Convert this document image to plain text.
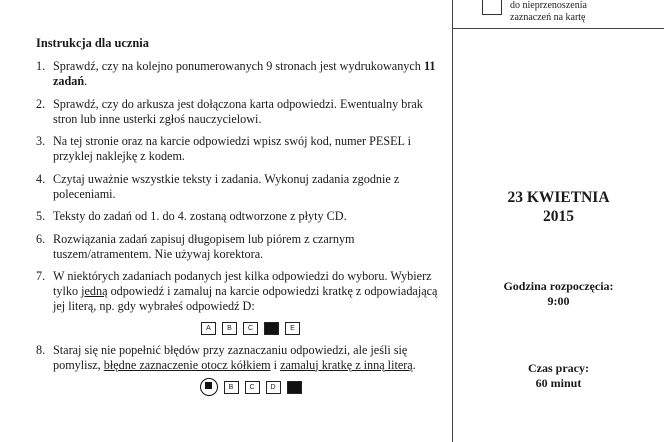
do nieprzenoszenia
zaznaczeń na kartę
Instrukcja dla ucznia
1. Sprawdź, czy na kolejno ponumerowanych 9 stronach jest wydrukowanych 11 zadań.
2. Sprawdź, czy do arkusza jest dołączona karta odpowiedzi. Ewentualny brak stron lub inne usterki zgłoś nauczycielowi.
3. Na tej stronie oraz na karcie odpowiedzi wpisz swój kod, numer PESEL i przyklej naklejkę z kodem.
4. Czytaj uważnie wszystkie teksty i zadania. Wykonuj zadania zgodnie z poleceniami.
5. Teksty do zadań od 1. do 4. zostaną odtworzone z płyty CD.
6. Rozwiązania zadań zapisuj długopisem lub piórem z czarnym tuszem/atramentem. Nie używaj korektora.
7. W niektórych zadaniach podanych jest kilka odpowiedzi do wyboru. Wybierz tylko jedną odpowiedź i zamaluj na karcie odpowiedzi kratkę z odpowiadającą jej literą, np. gdy wybrałeś odpowiedź D:
A	B	C	E
8. Staraj się nie popełnić błędów przy zaznaczaniu odpowiedzi, ale jeśli się pomylisz, błędne zaznaczenie otocz kółkiem i zamaluj kratkę z inną literą.
B	C	D
23 KWIETNIA
2015
Godzina rozpoczęcia:
9:00
Czas pracy:
60 minut
